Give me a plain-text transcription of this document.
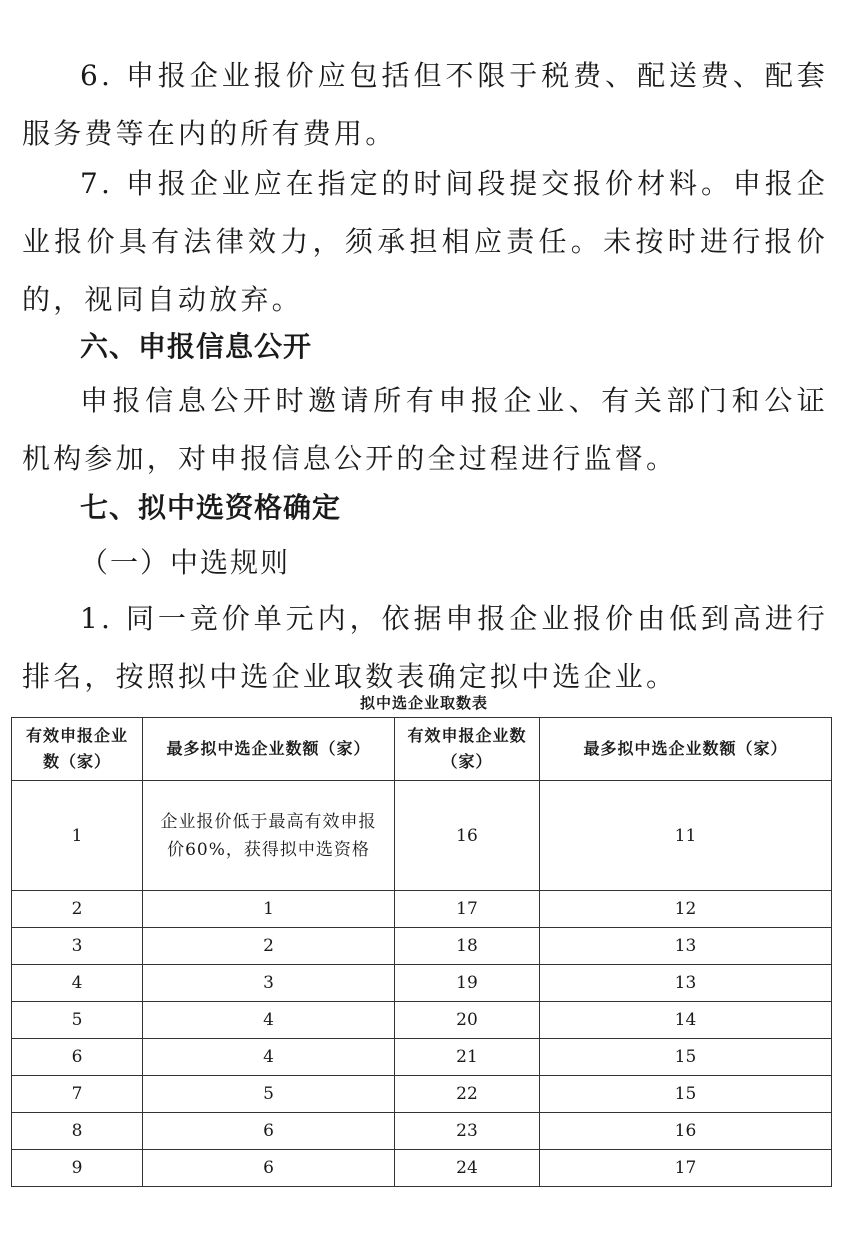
6. 申报企业报价应包括但不限于税费、配送费、配套服务费等在内的所有费用。

7. 申报企业应在指定的时间段提交报价材料。申报企业报价具有法律效力，须承担相应责任。未按时进行报价的，视同自动放弃。

六、申报信息公开

申报信息公开时邀请所有申报企业、有关部门和公证机构参加，对申报信息公开的全过程进行监督。

七、拟中选资格确定

（一）中选规则

1. 同一竞价单元内，依据申报企业报价由低到高进行排名，按照拟中选企业取数表确定拟中选企业。

拟中选企业取数表
有效申报企业数（家）	最多拟中选企业数额（家）	有效申报企业数（家）	最多拟中选企业数额（家）
1	企业报价低于最高有效申报价60%，获得拟中选资格	16	11
2	1	17	12
3	2	18	13
4	3	19	13
5	4	20	14
6	4	21	15
7	5	22	15
8	6	23	16
9	6	24	17
